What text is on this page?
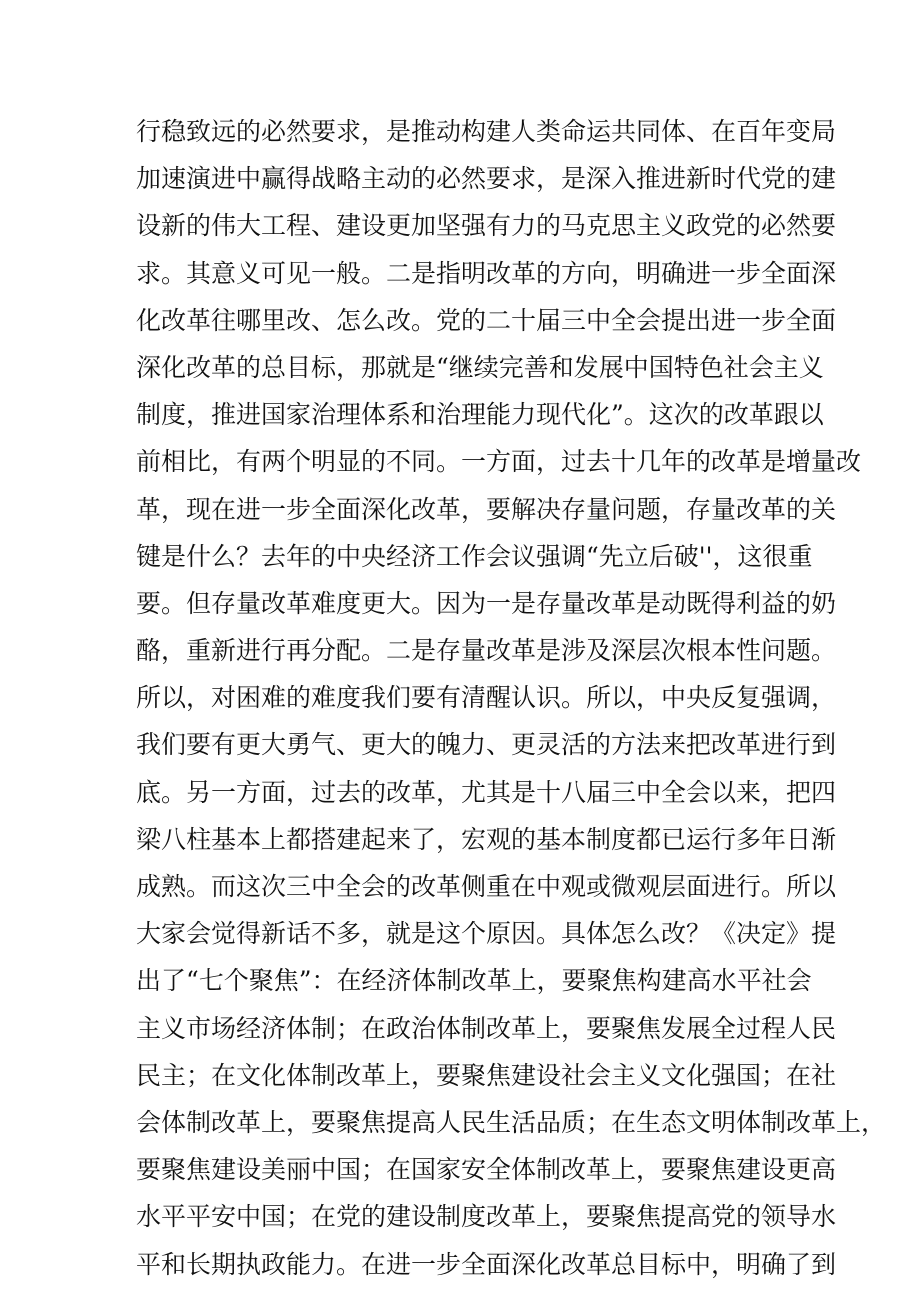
行稳致远的必然要求，是推动构建人类命运共同体、在百年变局
加速演进中赢得战略主动的必然要求，是深入推进新时代党的建
设新的伟大工程、建设更加坚强有力的马克思主义政党的必然要
求。其意义可见一般。二是指明改革的方向，明确进一步全面深
化改革往哪里改、怎么改。党的二十届三中全会提出进一步全面
深化改革的总目标，那就是“继续完善和发展中国特色社会主义
制度，推进国家治理体系和治理能力现代化”。这次的改革跟以
前相比，有两个明显的不同。一方面，过去十几年的改革是增量改
革，现在进一步全面深化改革，要解决存量问题，存量改革的关
键是什么？去年的中央经济工作会议强调“先立后破''，这很重
要。但存量改革难度更大。因为一是存量改革是动既得利益的奶
酪，重新进行再分配。二是存量改革是涉及深层次根本性问题。
所以，对困难的难度我们要有清醒认识。所以，中央反复强调，
我们要有更大勇气、更大的魄力、更灵活的方法来把改革进行到
底。另一方面，过去的改革，尤其是十八届三中全会以来，把四
梁八柱基本上都搭建起来了，宏观的基本制度都已运行多年日渐
成熟。而这次三中全会的改革侧重在中观或微观层面进行。所以
大家会觉得新话不多，就是这个原因。具体怎么改？《决定》提
出了“七个聚焦”：在经济体制改革上，要聚焦构建高水平社会
主义市场经济体制；在政治体制改革上，要聚焦发展全过程人民
民主；在文化体制改革上，要聚焦建设社会主义文化强国；在社
会体制改革上，要聚焦提高人民生活品质；在生态文明体制改革上，
要聚焦建设美丽中国；在国家安全体制改革上，要聚焦建设更高
水平平安中国；在党的建设制度改革上，要聚焦提高党的领导水
平和长期执政能力。在进一步全面深化改革总目标中，明确了到
